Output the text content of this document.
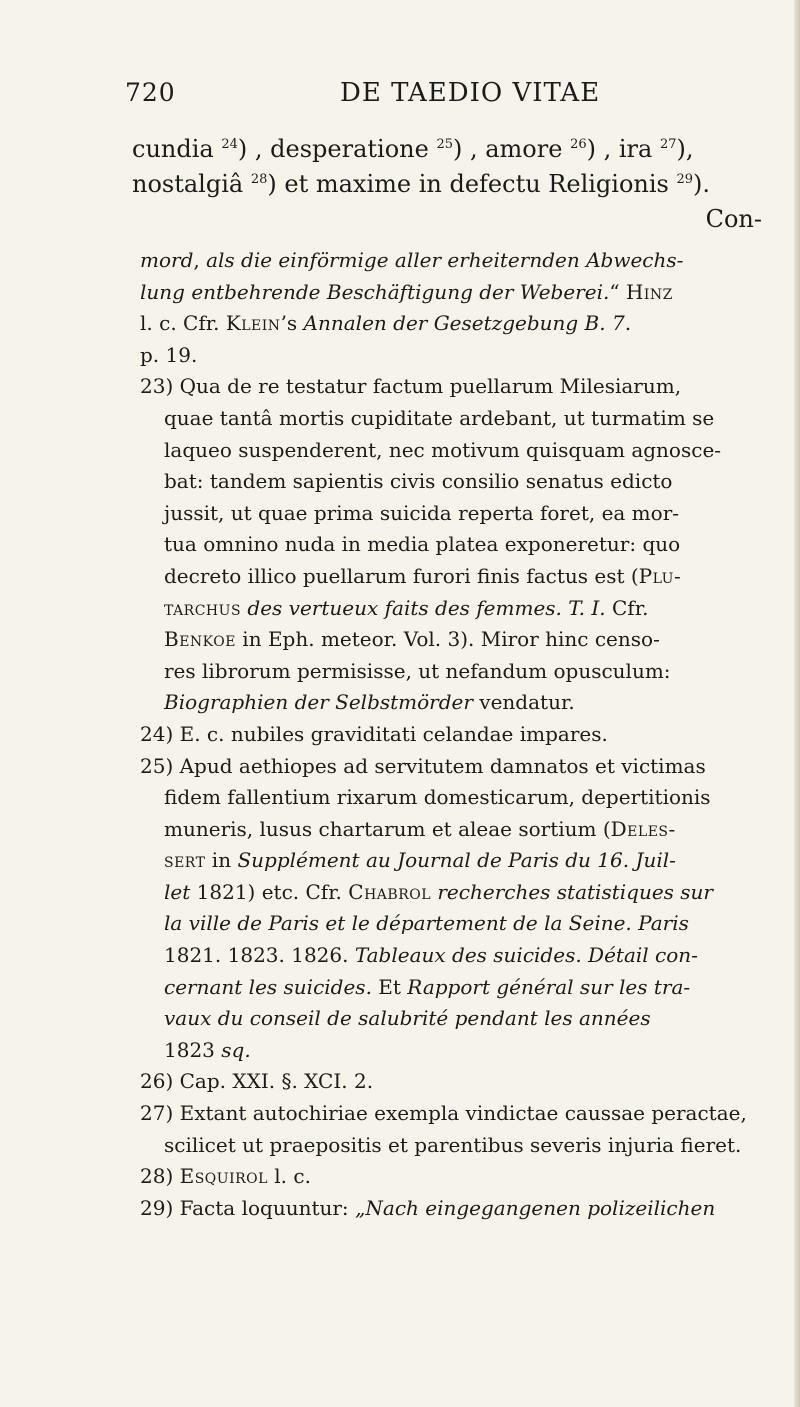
720	DE TAEDIO VITAE
cundia $^{24}$) , desperatione $^{25}$) , amore $^{26}$) , ira $^{27}$),
nostalgiâ $^{28}$) et maxime in defectu Religionis $^{29}$).
Con-
mord, als die einförmige aller erheiternden Abwechs-
lung entbehrende Beschäftigung der Weberei.“ Hinz
l. c. Cfr. Klein’s Annalen der Gesetzgebung B. 7.
p. 19.
23) Qua de re testatur factum puellarum Milesiarum,
quae tantâ mortis cupiditate ardebant, ut turmatim se
laqueo suspenderent, nec motivum quisquam agnosce-
bat: tandem sapientis civis consilio senatus edicto
jussit, ut quae prima suicida reperta foret, ea mor-
tua omnino nuda in media platea exponeretur: quo
decreto illico puellarum furori finis factus est (Plu-
tarchus des vertueux faits des femmes. T. I. Cfr.
Benkoe in Eph. meteor. Vol. 3). Miror hinc censo-
res librorum permisisse, ut nefandum opusculum:
Biographien der Selbstmörder vendatur.
24) E. c. nubiles graviditati celandae impares.
25) Apud aethiopes ad servitutem damnatos et victimas
fidem fallentium rixarum domesticarum, depertitionis
muneris, lusus chartarum et aleae sortium (Deles-
sert in Supplément au Journal de Paris du 16. Juil-
let 1821) etc. Cfr. Chabrol recherches statistiques sur
la ville de Paris et le département de la Seine. Paris
1821. 1823. 1826. Tableaux des suicides. Détail con-
cernant les suicides. Et Rapport général sur les tra-
vaux du conseil de salubrité pendant les années
1823 sq.
26) Cap. XXI. §. XCI. 2.
27) Extant autochiriae exempla vindictae caussae peractae,
scilicet ut praepositis et parentibus severis injuria fieret.
28) Esquirol l. c.
29) Facta loquuntur: „Nach eingegangenen polizeilichen
